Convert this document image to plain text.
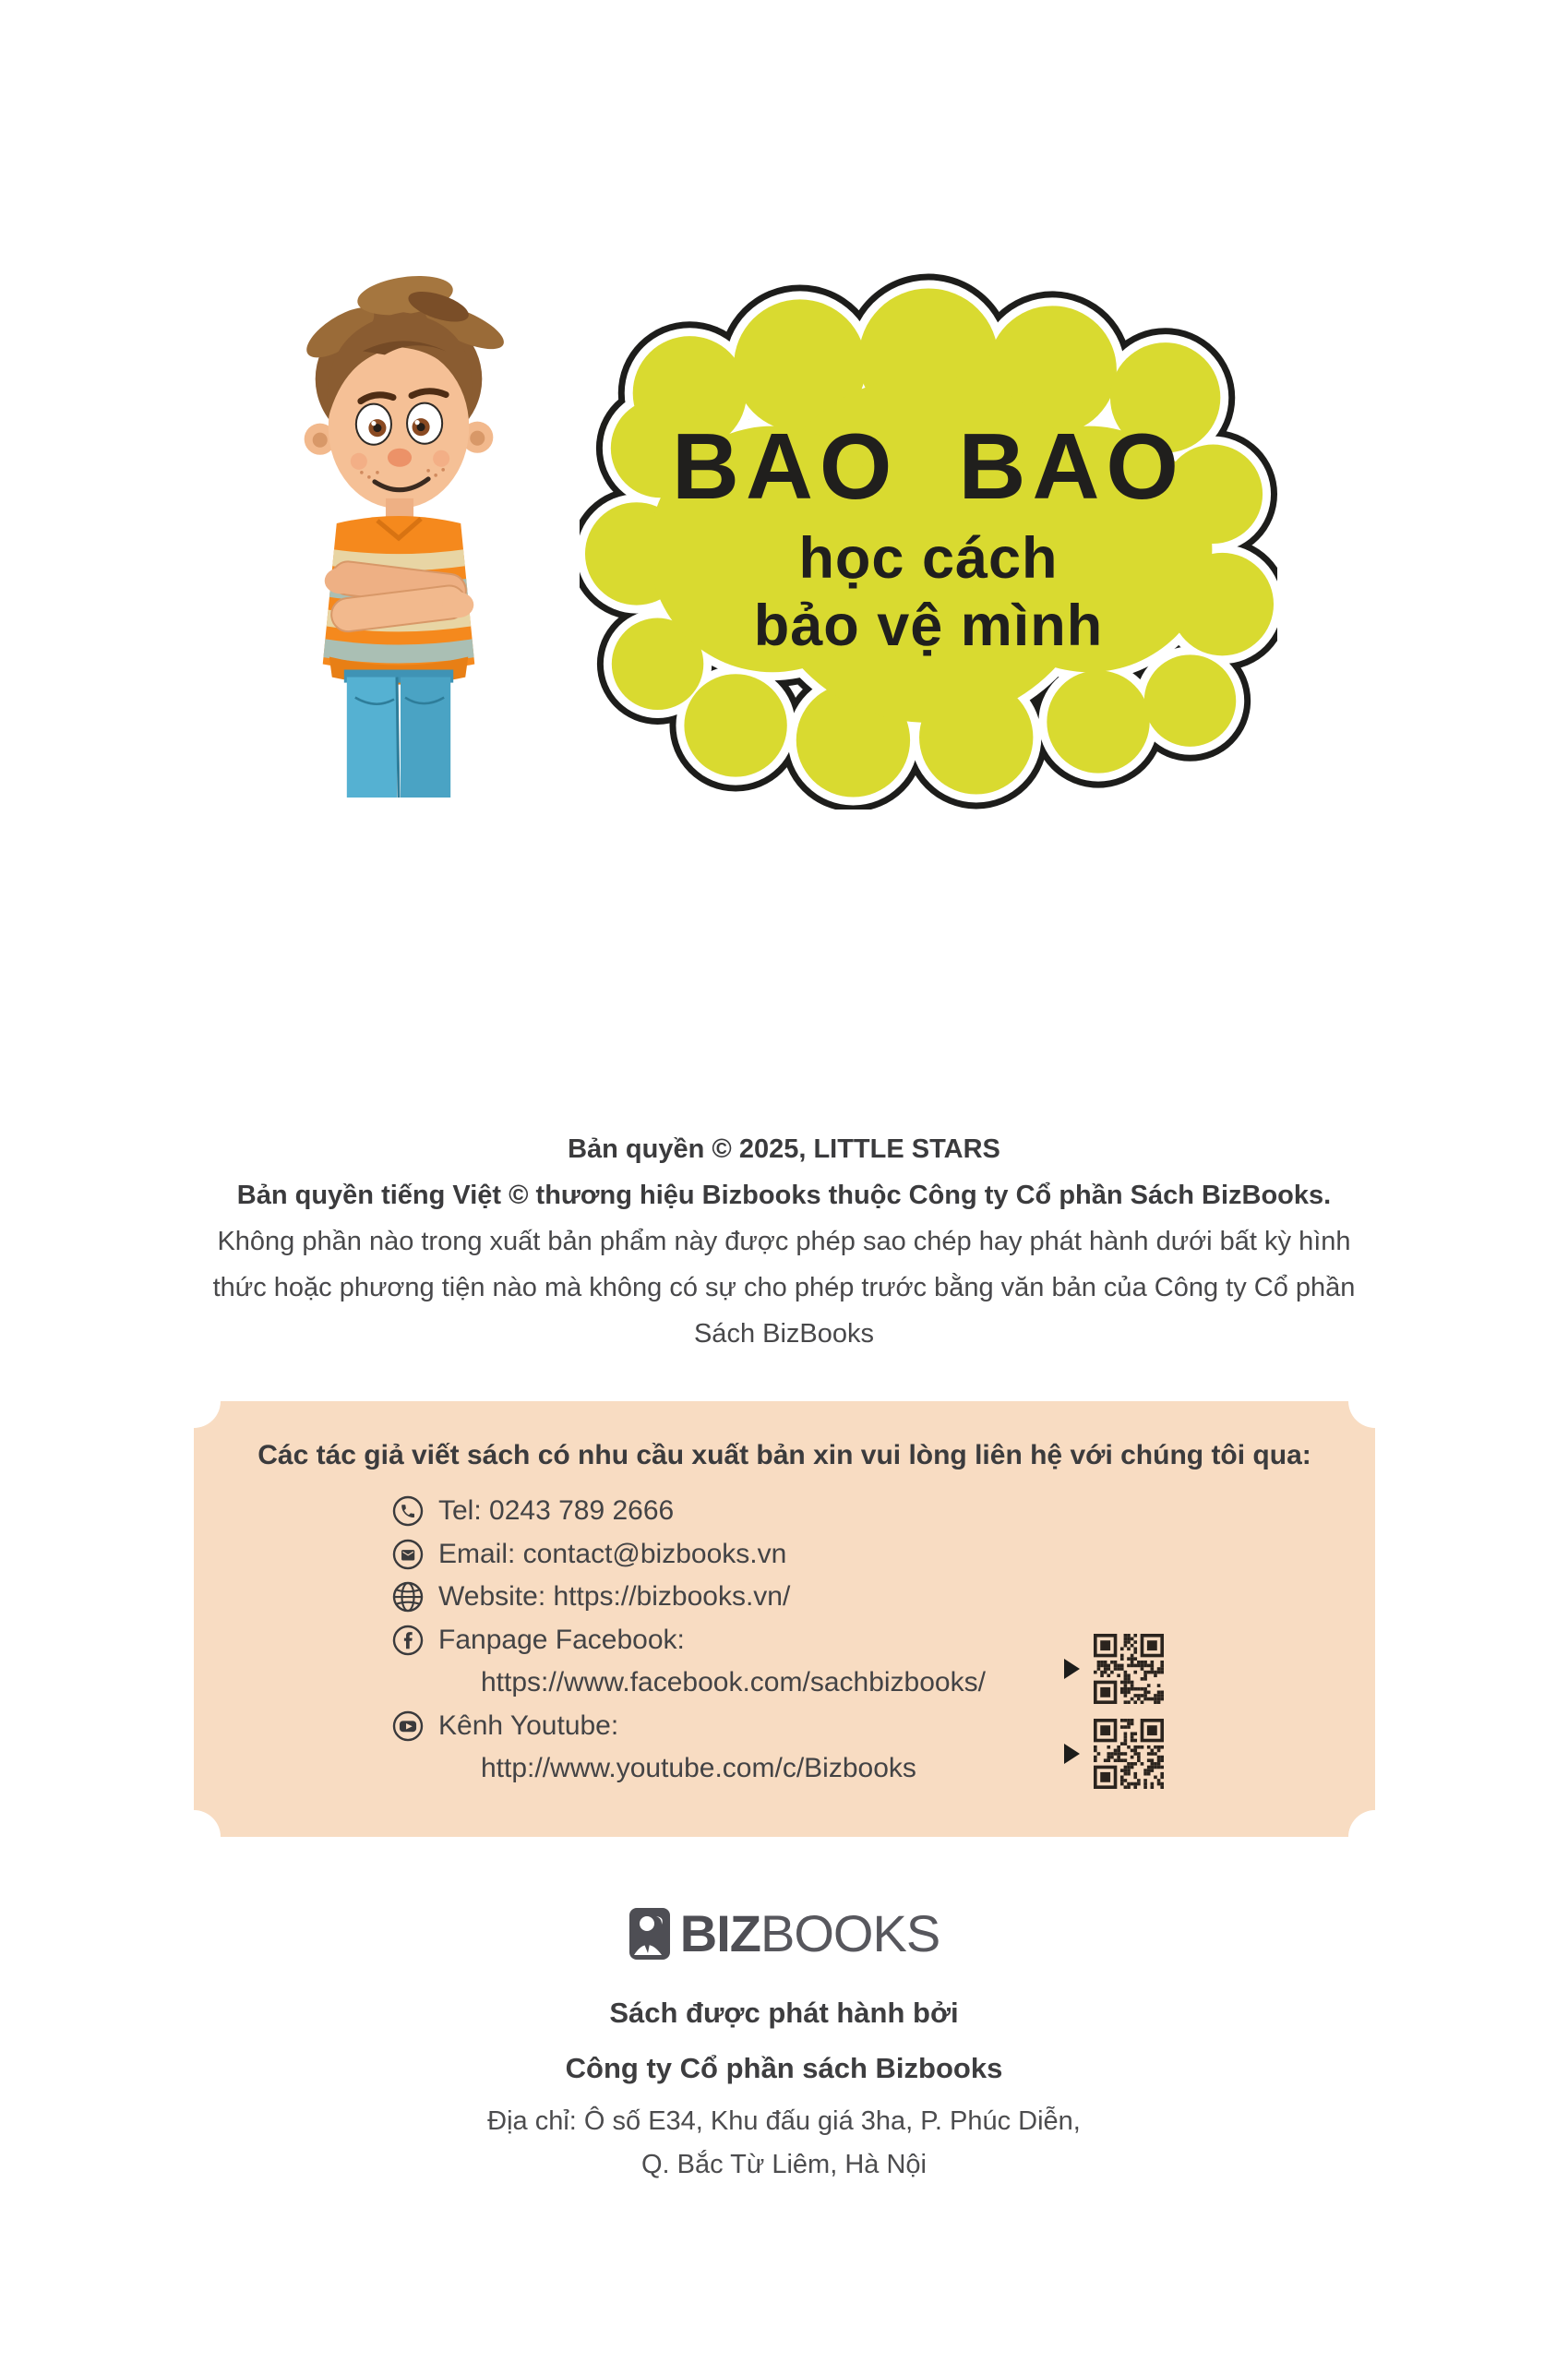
BAO BAO
học cách
bảo vệ mình
Bản quyền © 2025, LITTLE STARS
Bản quyền tiếng Việt © thương hiệu Bizbooks thuộc Công ty Cổ phần Sách BizBooks.
Không phần nào trong xuất bản phẩm này được phép sao chép hay phát hành dưới bất kỳ hình
thức hoặc phương tiện nào mà không có sự cho phép trước bằng văn bản của Công ty Cổ phần
Sách BizBooks
Các tác giả viết sách có nhu cầu xuất bản xin vui lòng liên hệ với chúng tôi qua:
Tel: 0243 789 2666
Email: contact@bizbooks.vn
Website: https://bizbooks.vn/
Fanpage Facebook:
https://www.facebook.com/sachbizbooks/
Kênh Youtube:
http://www.youtube.com/c/Bizbooks
BIZBOOKS
Sách được phát hành bởi
Công ty Cổ phần sách Bizbooks
Địa chỉ: Ô số E34, Khu đấu giá 3ha, P. Phúc Diễn,
Q. Bắc Từ Liêm, Hà Nội
